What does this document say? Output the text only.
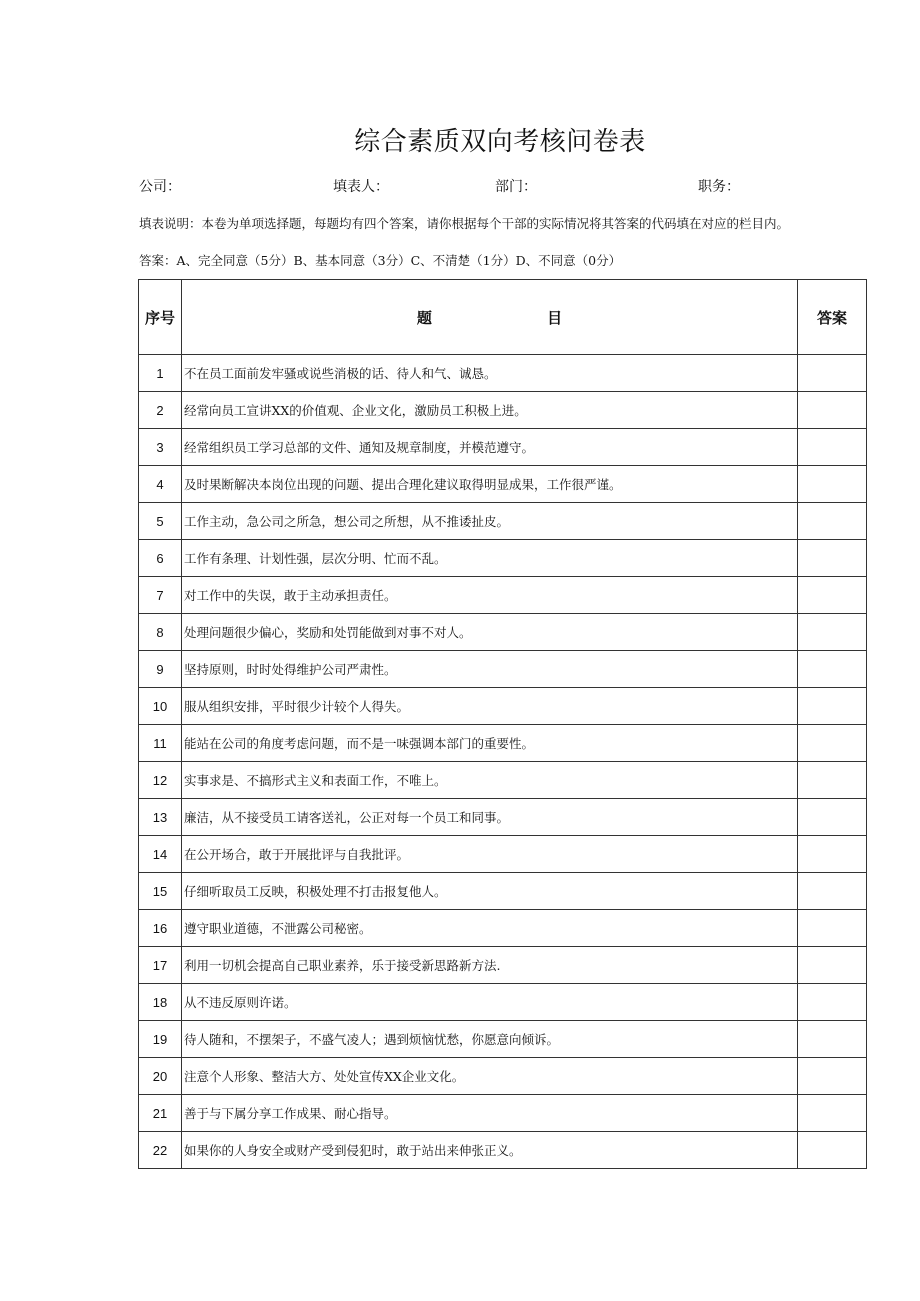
综合素质双向考核问卷表
公司：	填表人：	部门：	职务：
填表说明：本卷为单项选择题，每题均有四个答案，请你根据每个干部的实际情况将其答案的代码填在对应的栏目内。
答案：A、完全同意（5分）B、基本同意（3分）C、不清楚（1分）D、不同意（0分）
序号	题 目	答案
1	不在员工面前发牢骚或说些消极的话、待人和气、诚恳。	
2	经常向员工宣讲XX的价值观、企业文化，激励员工积极上进。	
3	经常组织员工学习总部的文件、通知及规章制度，并模范遵守。	
4	及时果断解决本岗位出现的问题、提出合理化建议取得明显成果，工作很严谨。	
5	工作主动，急公司之所急，想公司之所想，从不推诿扯皮。	
6	工作有条理、计划性强，层次分明、忙而不乱。	
7	对工作中的失误，敢于主动承担责任。	
8	处理问题很少偏心，奖励和处罚能做到对事不对人。	
9	坚持原则，时时处得维护公司严肃性。	
10	服从组织安排，平时很少计较个人得失。	
11	能站在公司的角度考虑问题，而不是一味强调本部门的重要性。	
12	实事求是、不搞形式主义和表面工作，不唯上。	
13	廉洁，从不接受员工请客送礼，公正对每一个员工和同事。	
14	在公开场合，敢于开展批评与自我批评。	
15	仔细听取员工反映，积极处理不打击报复他人。	
16	遵守职业道德，不泄露公司秘密。	
17	利用一切机会提高自己职业素养，乐于接受新思路新方法.	
18	从不违反原则许诺。	
19	待人随和，不摆架子，不盛气凌人；遇到烦恼忧愁，你愿意向倾诉。	
20	注意个人形象、整洁大方、处处宣传XX企业文化。	
21	善于与下属分享工作成果、耐心指导。	
22	如果你的人身安全或财产受到侵犯时，敢于站出来伸张正义。	
